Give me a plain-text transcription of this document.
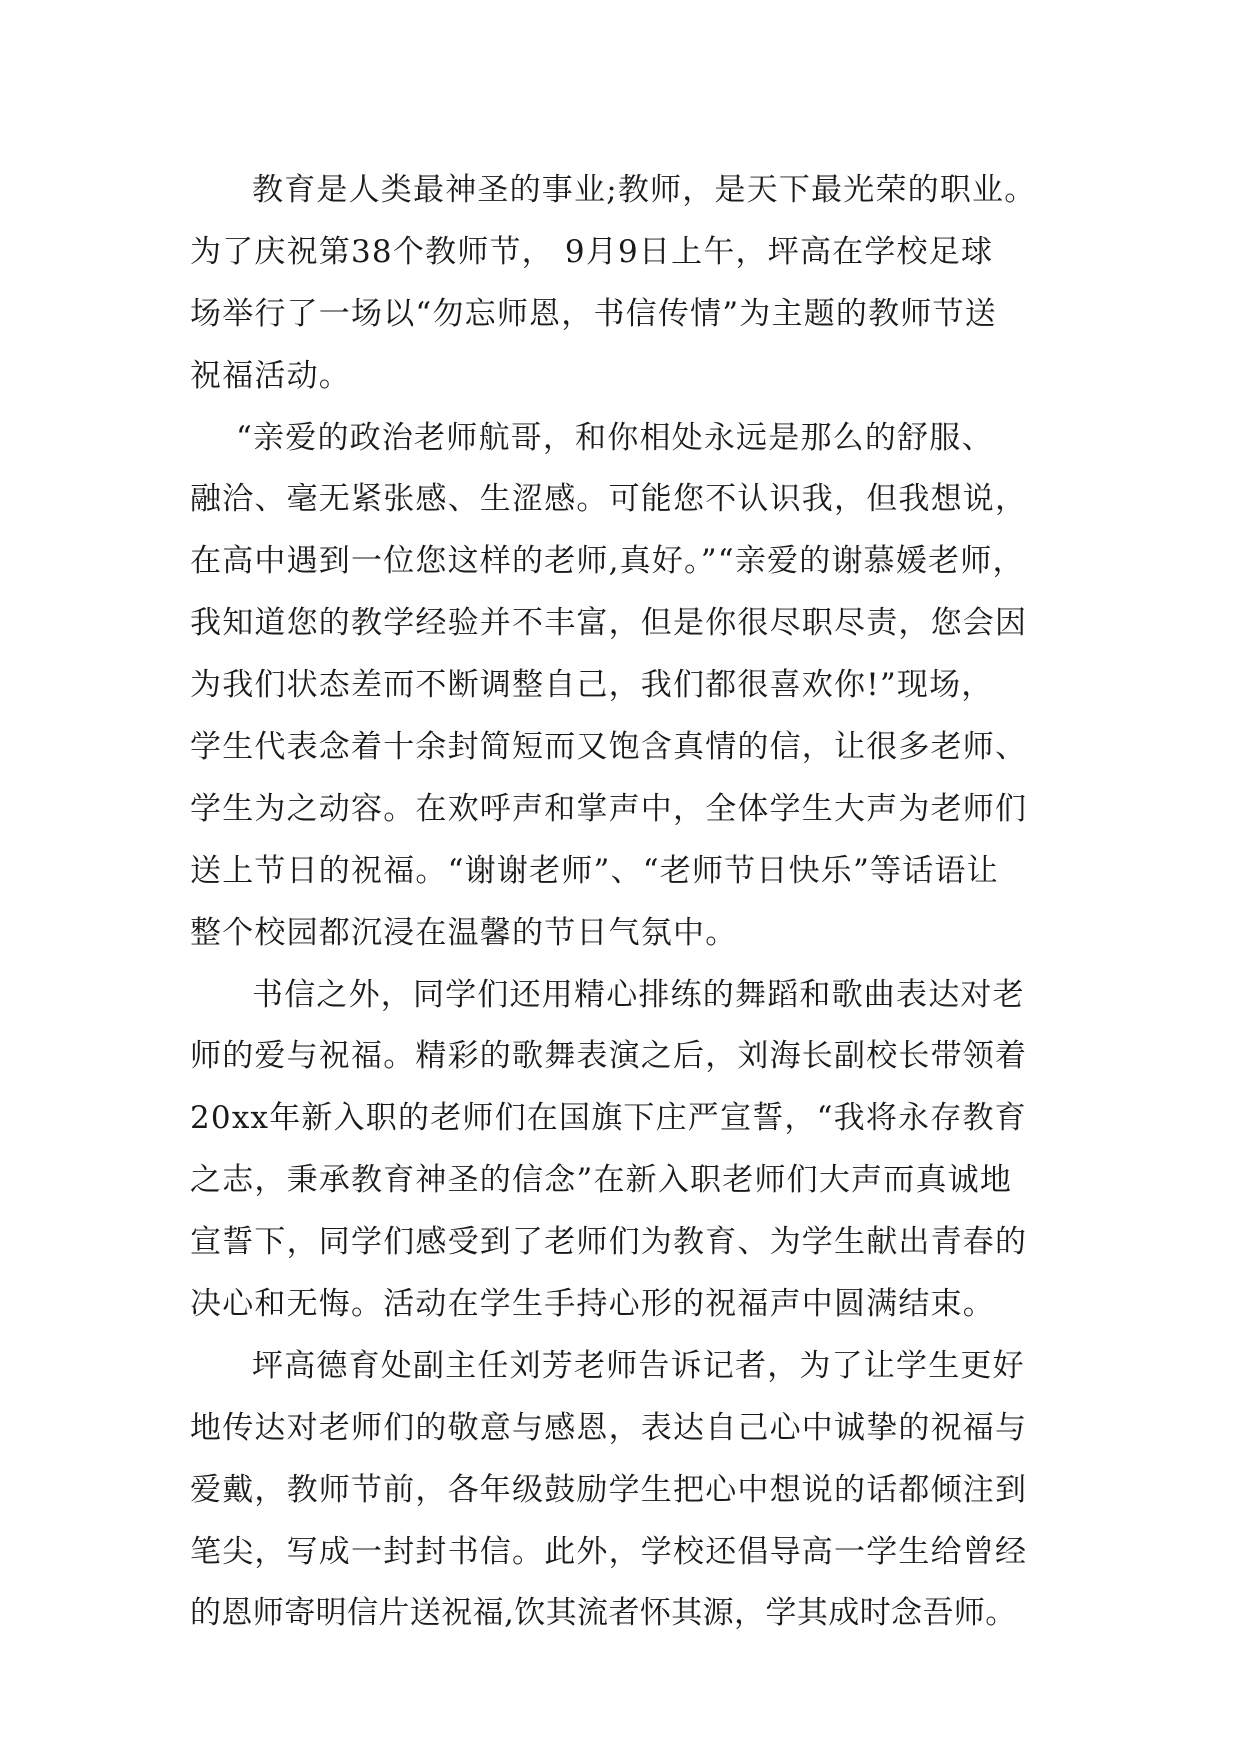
教育是人类最神圣的事业;教师，是天下最光荣的职业。
为了庆祝第38个教师节， 9月9日上午，坪高在学校足球
场举行了一场以“勿忘师恩，书信传情”为主题的教师节送
祝福活动。
“亲爱的政治老师航哥，和你相处永远是那么的舒服、
融洽、毫无紧张感、生涩感。可能您不认识我，但我想说，
在高中遇到一位您这样的老师,真好。”“亲爱的谢慕媛老师，
我知道您的教学经验并不丰富，但是你很尽职尽责，您会因
为我们状态差而不断调整自己，我们都很喜欢你!”现场，
学生代表念着十余封简短而又饱含真情的信，让很多老师、
学生为之动容。在欢呼声和掌声中，全体学生大声为老师们
送上节日的祝福。“谢谢老师”、“老师节日快乐”等话语让
整个校园都沉浸在温馨的节日气氛中。
书信之外，同学们还用精心排练的舞蹈和歌曲表达对老
师的爱与祝福。精彩的歌舞表演之后，刘海长副校长带领着
20xx年新入职的老师们在国旗下庄严宣誓，“我将永存教育
之志，秉承教育神圣的信念”在新入职老师们大声而真诚地
宣誓下，同学们感受到了老师们为教育、为学生献出青春的
决心和无悔。活动在学生手持心形的祝福声中圆满结束。
坪高德育处副主任刘芳老师告诉记者，为了让学生更好
地传达对老师们的敬意与感恩，表达自己心中诚挚的祝福与
爱戴，教师节前，各年级鼓励学生把心中想说的话都倾注到
笔尖，写成一封封书信。此外，学校还倡导高一学生给曾经
的恩师寄明信片送祝福,饮其流者怀其源，学其成时念吾师。
